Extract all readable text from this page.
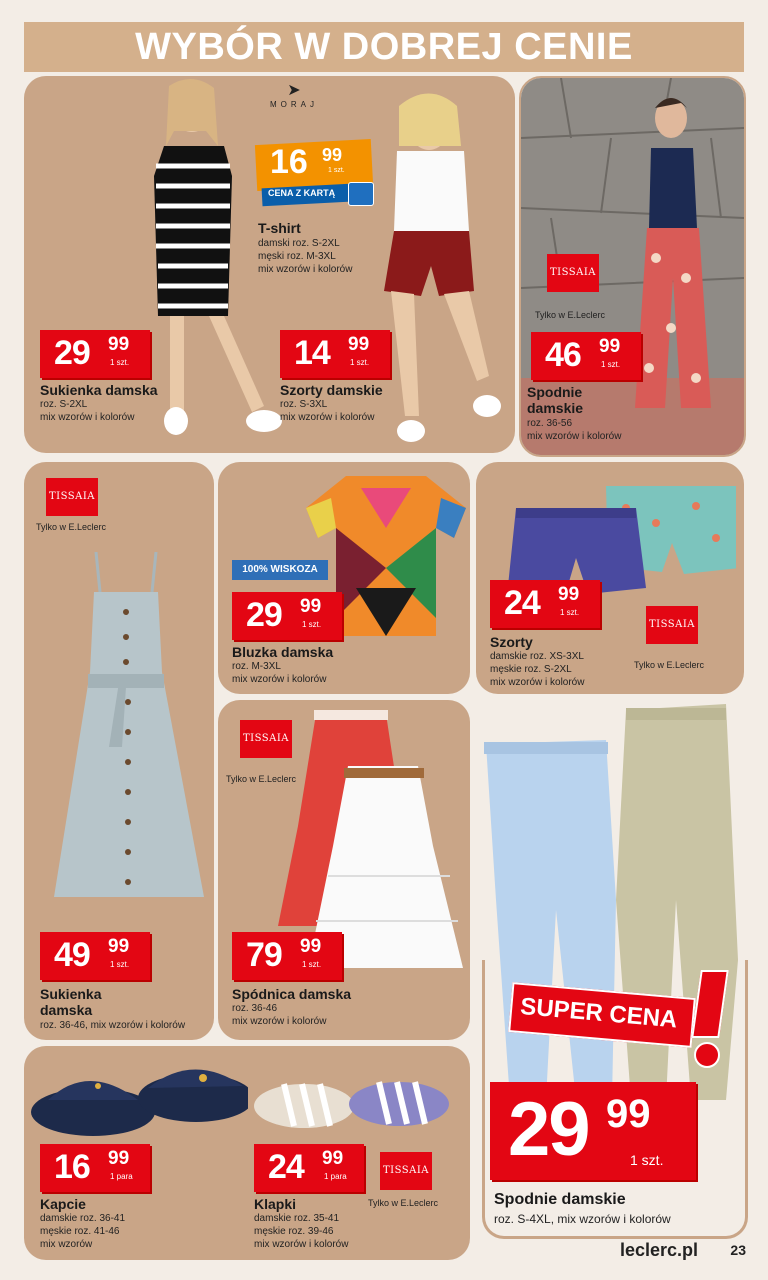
WYBÓR W DOBREJ CENIE
➤
MORAJ
16 99
1 szt.
CENA Z KARTĄ
T-shirt
damski roz. S-2XL
męski roz. M-3XL
mix wzorów i kolorów
29 99
1 szt.
Sukienka damska
roz. S-2XL
mix wzorów i kolorów
14 99
1 szt.
Szorty damskie
roz. S-3XL
mix wzorów i kolorów
TISSAIA
Tylko w E.Leclerc
46 99
1 szt.
Spodnie
damskie
roz. 36-56
mix wzorów i kolorów
TISSAIA
Tylko w E.Leclerc
49 99
1 szt.
Sukienka
damska
roz. 36-46, mix wzorów i kolorów
100% WISKOZA
29 99
1 szt.
Bluzka damska
roz. M-3XL
mix wzorów i kolorów
24 99
1 szt.
Szorty
damskie roz. XS-3XL
męskie roz. S-2XL
mix wzorów i kolorów
TISSAIA
Tylko w E.Leclerc
TISSAIA
Tylko w E.Leclerc
79 99
1 szt.
Spódnica damska
roz. 36-46
mix wzorów i kolorów	SUPER CENA
29 99
1 szt.
Spodnie damskie
roz. S-4XL, mix wzorów i kolorów
16 99
1 para
Kapcie
damskie roz. 36-41
męskie roz. 41-46
mix wzorów
24 99
1 para
Klapki
damskie roz. 35-41
męskie roz. 39-46
mix wzorów i kolorów
TISSAIA
Tylko w E.Leclerc
leclerc.pl 23
